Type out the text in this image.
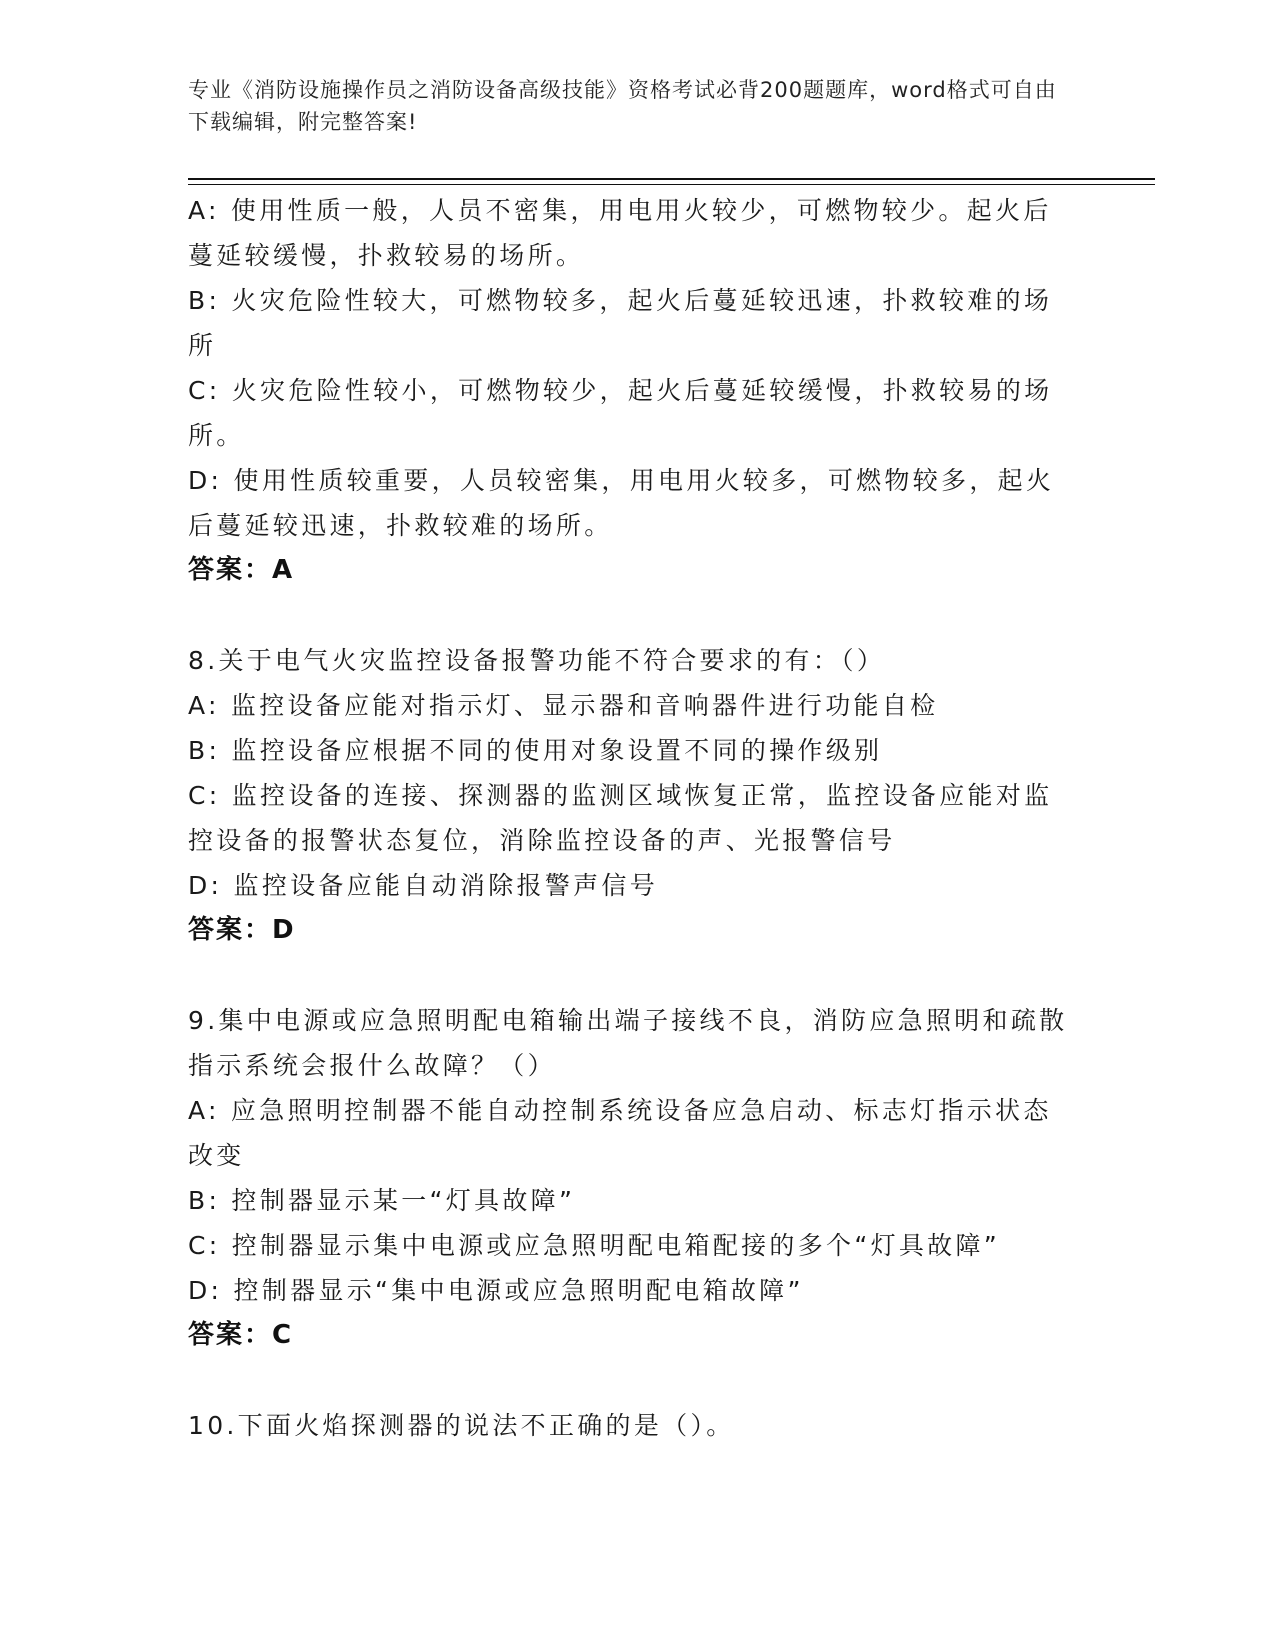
专业《消防设施操作员之消防设备高级技能》资格考试必背200题题库，word格式可自由下载编辑，附完整答案!

A: 使用性质一般，人员不密集，用电用火较少，可燃物较少。起火后蔓延较缓慢，扑救较易的场所。

B: 火灾危险性较大，可燃物较多，起火后蔓延较迅速，扑救较难的场所

C: 火灾危险性较小，可燃物较少，起火后蔓延较缓慢，扑救较易的场所。

D: 使用性质较重要，人员较密集，用电用火较多，可燃物较多，起火后蔓延较迅速，扑救较难的场所。

答案：A

8.关于电气火灾监控设备报警功能不符合要求的有：（）

A: 监控设备应能对指示灯、显示器和音响器件进行功能自检

B: 监控设备应根据不同的使用对象设置不同的操作级别

C: 监控设备的连接、探测器的监测区域恢复正常，监控设备应能对监控设备的报警状态复位，消除监控设备的声、光报警信号

D: 监控设备应能自动消除报警声信号

答案：D

9.集中电源或应急照明配电箱输出端子接线不良，消防应急照明和疏散指示系统会报什么故障？（）

A: 应急照明控制器不能自动控制系统设备应急启动、标志灯指示状态改变

B: 控制器显示某一“灯具故障”

C: 控制器显示集中电源或应急照明配电箱配接的多个“灯具故障”

D: 控制器显示“集中电源或应急照明配电箱故障”

答案：C

10.下面火焰探测器的说法不正确的是（）。
